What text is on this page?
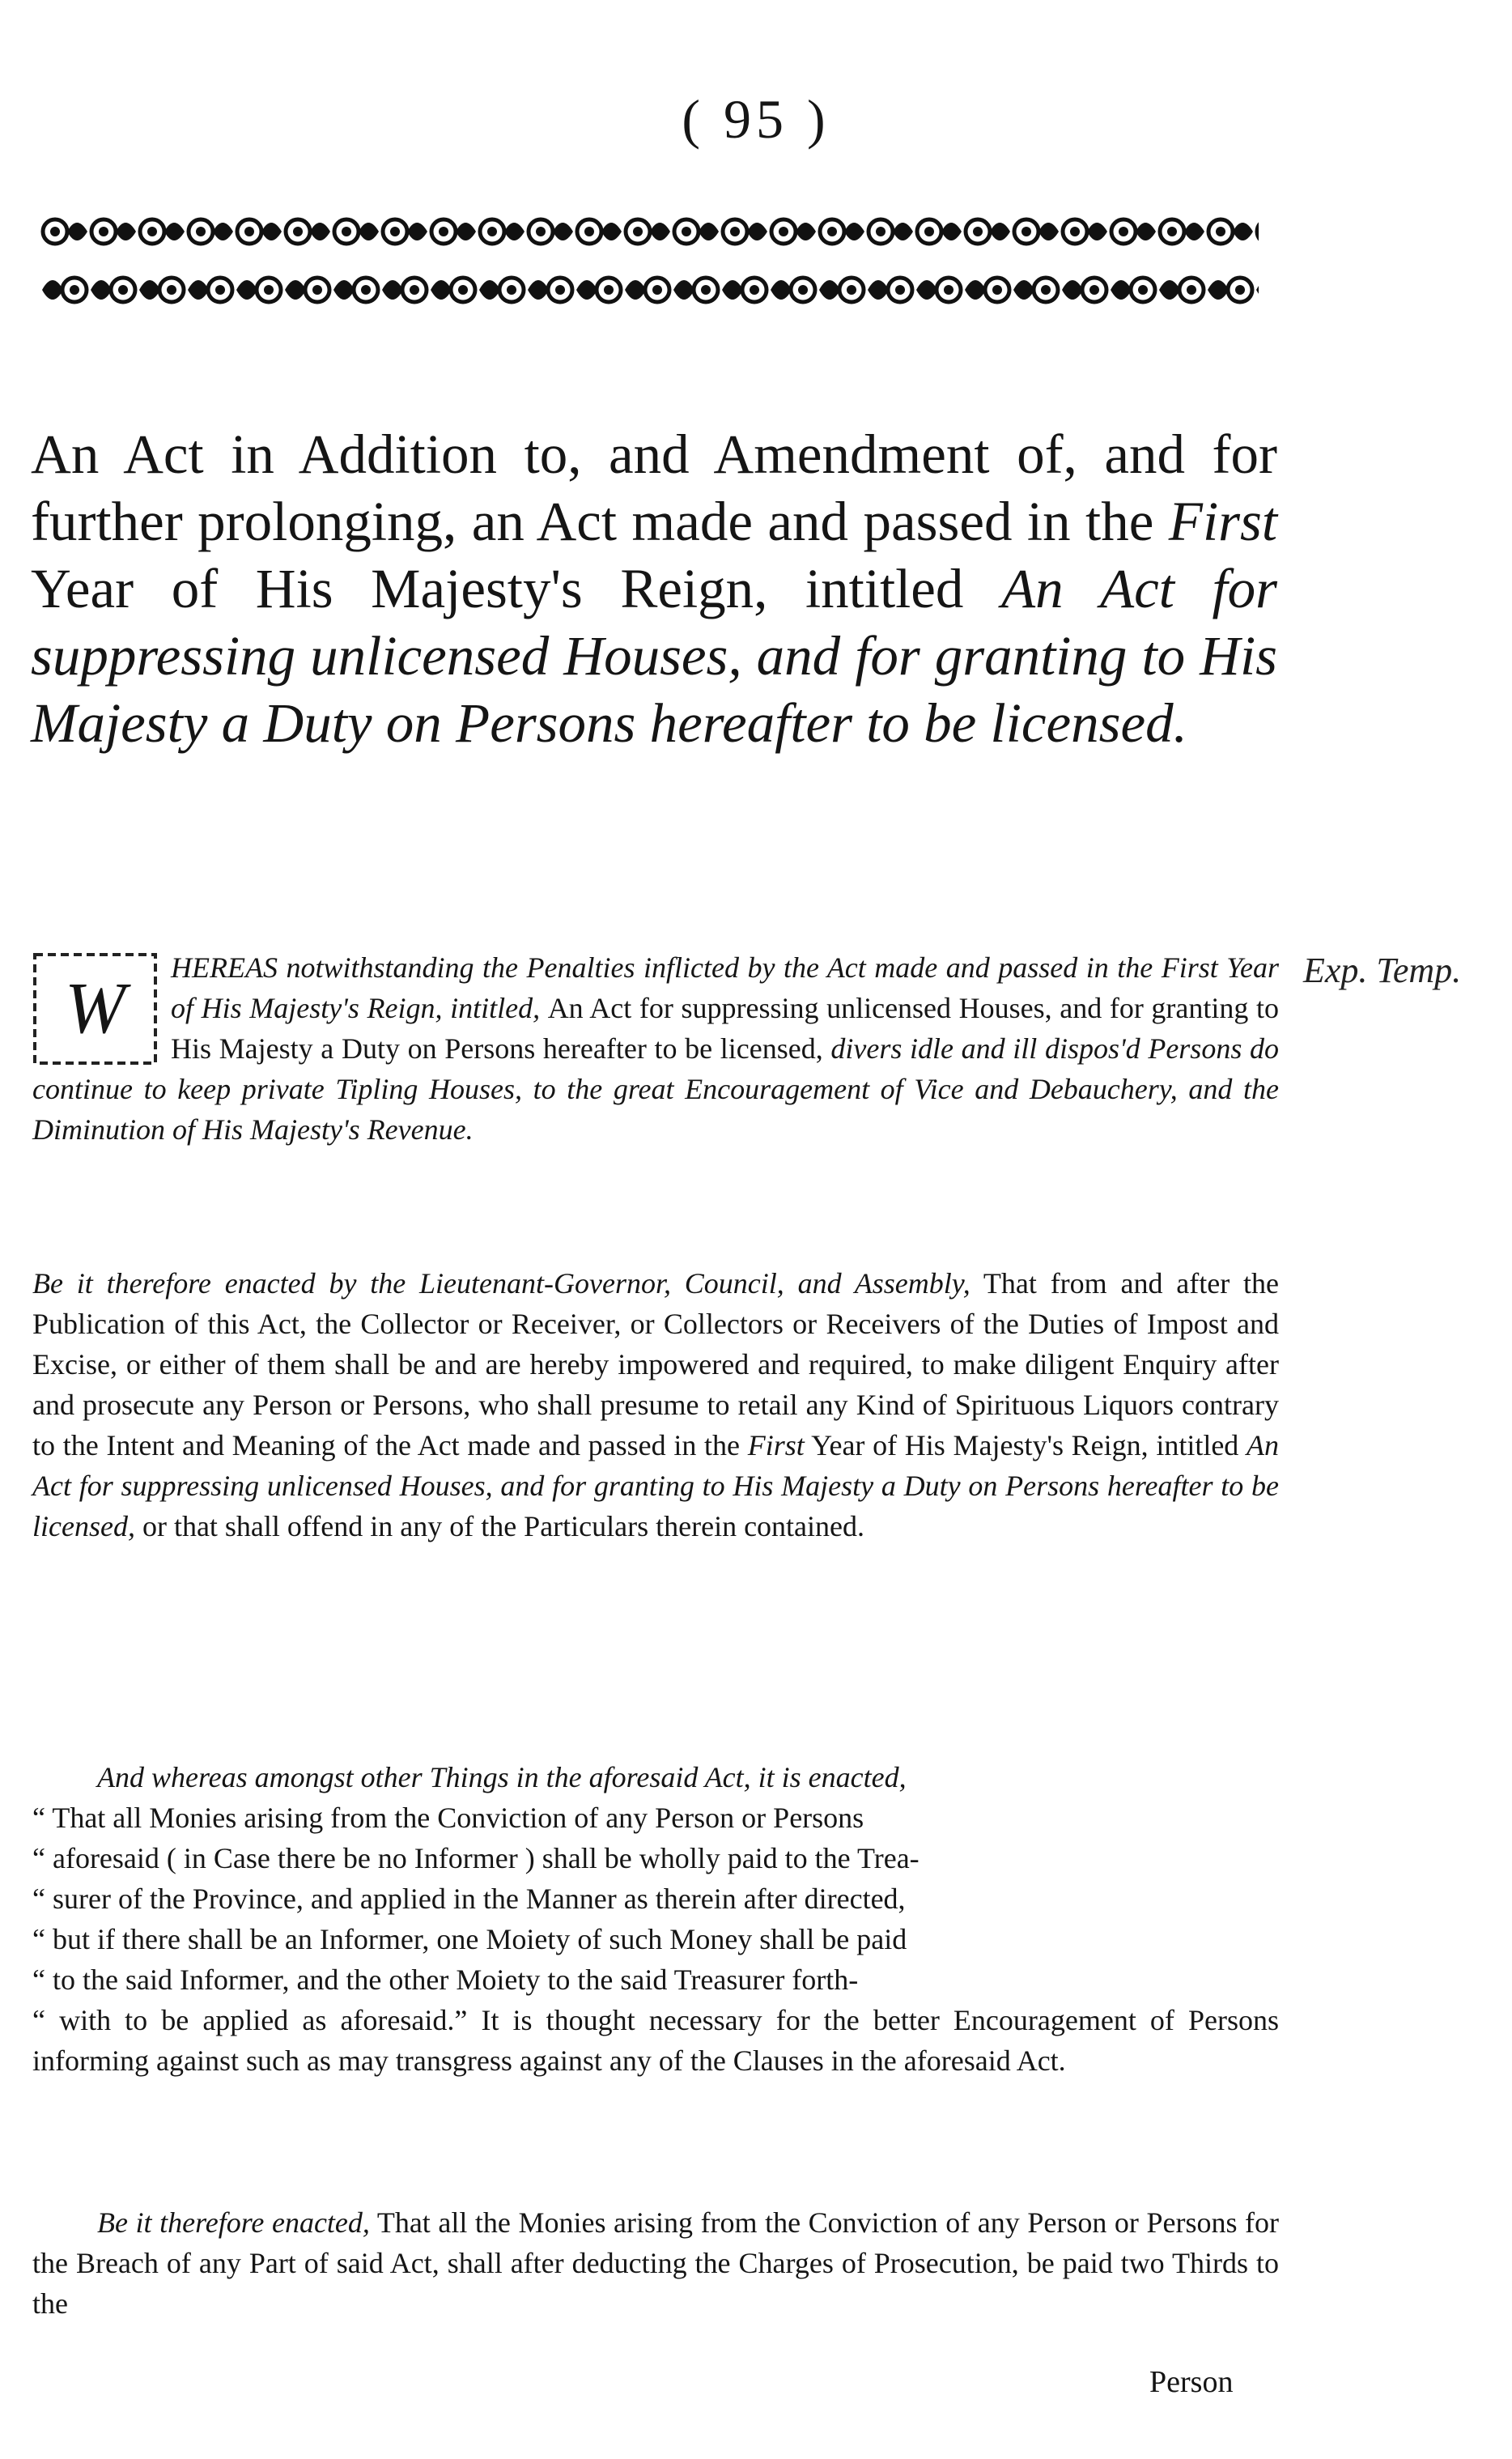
( 95 )
An Act in Addition to, and Amendment of, and for further prolonging, an Act made and passed in the First Year of His Majesty's Reign, intitled An Act for suppressing unlicensed Houses, and for granting to His Majesty a Duty on Persons hereafter to be licensed.
W
HEREAS notwithstanding the Penalties inflicted by the Act made and passed in the First Year of His Majesty's Reign, intitled, An Act for suppressing unlicensed Houses, and for granting to His Majesty a Duty on Persons hereafter to be licensed, divers idle and ill dispos'd Persons do continue to keep private Tipling Houses, to the great Encouragement of Vice and Debauchery, and the Diminution of His Majesty's Revenue.
Exp. Temp.
Be it therefore enacted by the Lieutenant-Governor, Council, and Assembly, That from and after the Publication of this Act, the Collector or Receiver, or Collectors or Receivers of the Duties of Impost and Excise, or either of them shall be and are hereby impowered and required, to make diligent Enquiry after and prosecute any Person or Persons, who shall presume to retail any Kind of Spirituous Liquors contrary to the Intent and Meaning of the Act made and passed in the First Year of His Majesty's Reign, intitled An Act for suppressing unlicensed Houses, and for granting to His Majesty a Duty on Persons hereafter to be licensed, or that shall offend in any of the Particulars therein contained.
And whereas amongst other Things in the aforesaid Act, it is enacted,
“ That all Monies arising from the Conviction of any Person or Persons
“ aforesaid ( in Case there be no Informer ) shall be wholly paid to the Trea-
“ surer of the Province, and applied in the Manner as therein after directed,
“ but if there shall be an Informer, one Moiety of such Money shall be paid
“ to the said Informer, and the other Moiety to the said Treasurer forth-
“ with to be applied as aforesaid.” It is thought necessary for the better Encouragement of Persons informing against such as may transgress against any of the Clauses in the aforesaid Act.
Be it therefore enacted, That all the Monies arising from the Conviction of any Person or Persons for the Breach of any Part of said Act, shall after deducting the Charges of Prosecution, be paid two Thirds to the
Person
